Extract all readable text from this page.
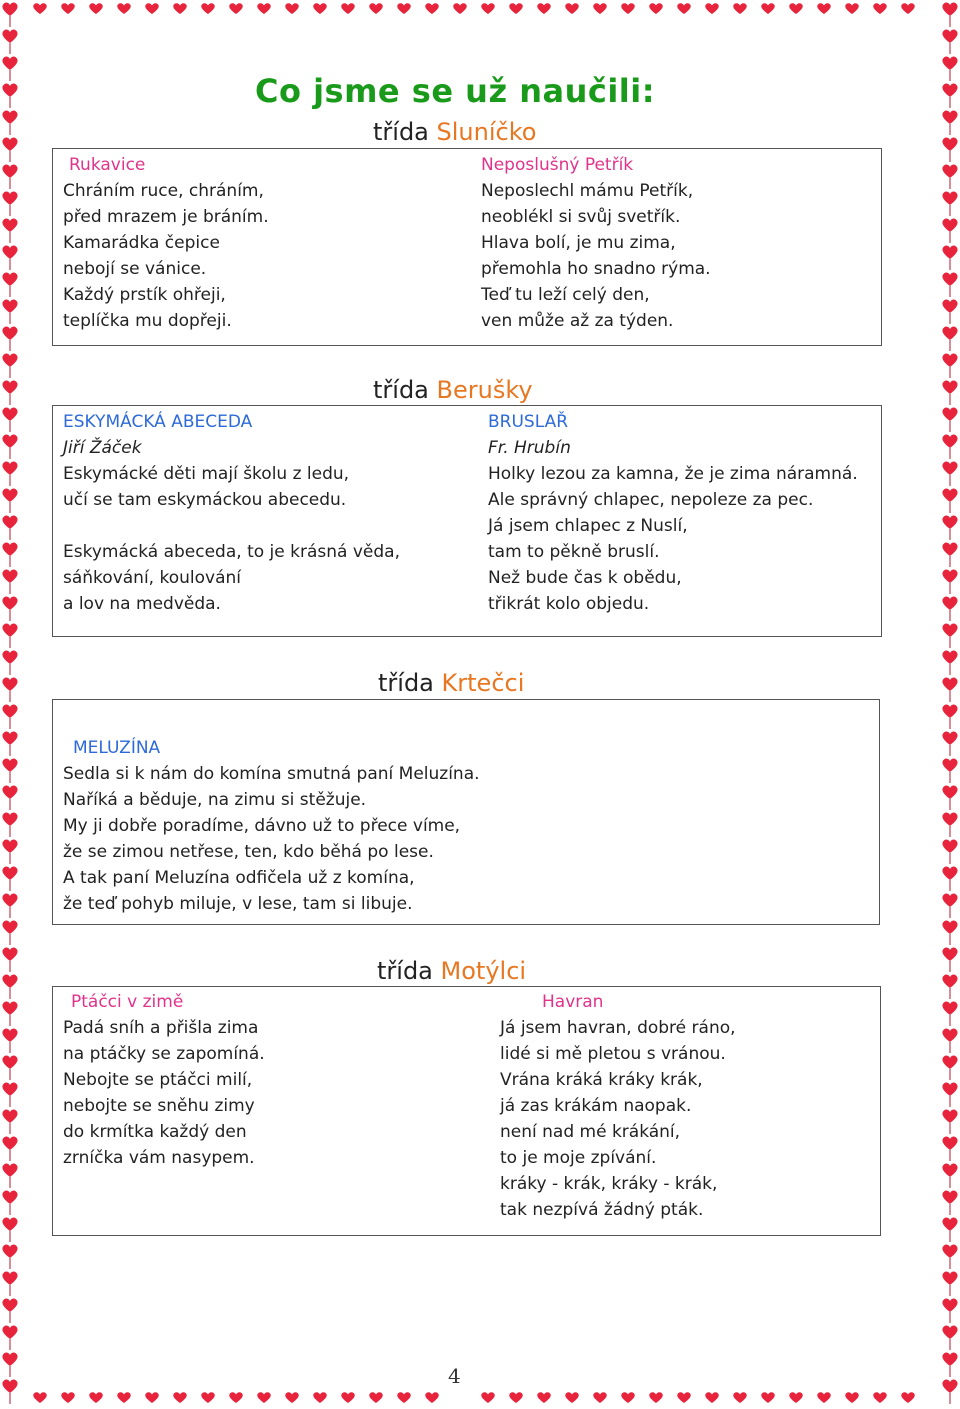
Co jsme se už naučili:
třída Sluníčko
Rukavice
Chráním ruce, chráním,
před mrazem je bráním.
Kamarádka čepice
nebojí se vánice.
Každý prstík ohřeji,
teplíčka mu dopřeji.
Neposlušný Petřík
Neposlechl mámu Petřík,
neoblékl si svůj svetřík.
Hlava bolí, je mu zima,
přemohla ho snadno rýma.
Teď tu leží celý den,
ven může až za týden.
třída Berušky
ESKYMÁCKÁ ABECEDA
Jiří Žáček
Eskymácké děti mají školu z ledu,
učí se tam eskymáckou abecedu.
Eskymácká abeceda, to je krásná věda,
sáňkování, koulování
a lov na medvěda.
BRUSLAŘ
Fr. Hrubín
Holky lezou za kamna, že je zima náramná.
Ale správný chlapec, nepoleze za pec.
Já jsem chlapec z Nuslí,
tam to pěkně bruslí.
Než bude čas k obědu,
třikrát kolo objedu.
třída Krtečci
MELUZÍNA
Sedla si k nám do komína smutná paní Meluzína.
Naříká a běduje, na zimu si stěžuje.
My ji dobře poradíme, dávno už to přece víme,
že se zimou netřese, ten, kdo běhá po lese.
A tak paní Meluzína odfičela už z komína,
že teď pohyb miluje, v lese, tam si libuje.
třída Motýlci
Ptáčci v zimě
Padá sníh a přišla zima
na ptáčky se zapomíná.
Nebojte se ptáčci milí,
nebojte se sněhu zimy
do krmítka každý den
zrníčka vám nasypem.
Havran
Já jsem havran, dobré ráno,
lidé si mě pletou s vránou.
Vrána kráká kráky krák,
já zas krákám naopak.
není nad mé krákání,
to je moje zpívání.
kráky - krák, kráky - krák,
tak nezpívá žádný pták.
4
